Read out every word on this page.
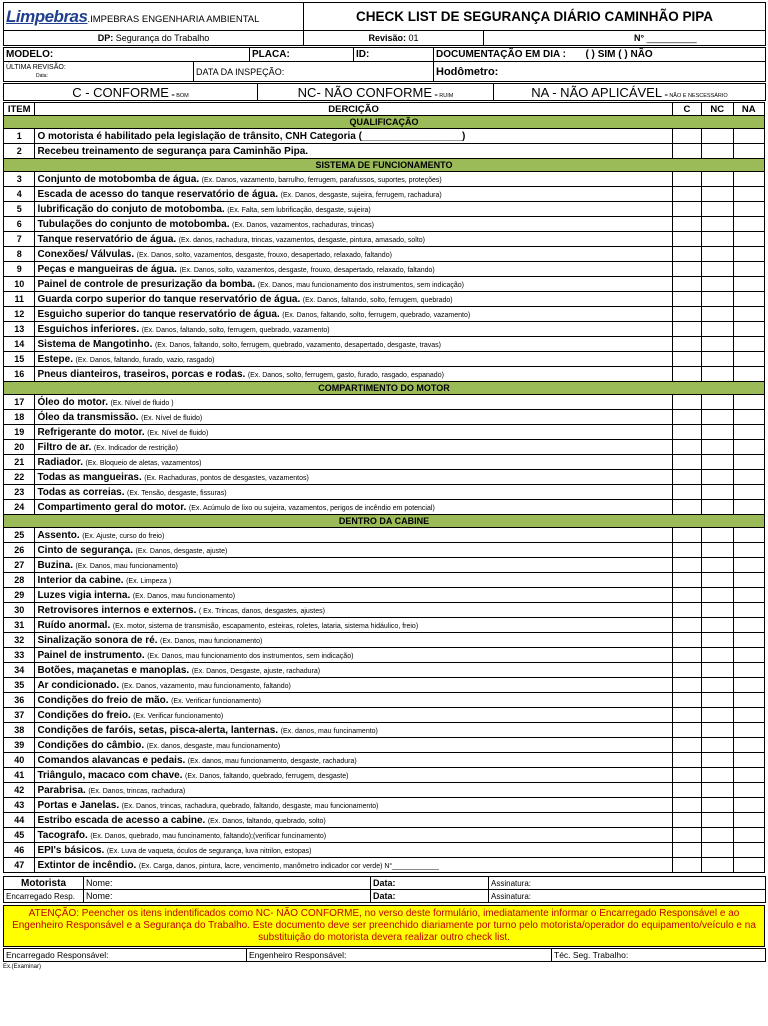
Limpebras.IMPEBRAS ENGENHARIA AMBIENTAL	CHECK LIST DE SEGURANÇA DIÁRIO CAMINHÃO PIPA	
DP: Segurança do Trabalho	Revisão: 01	N° __________
MODELO:		PLACA:	ID:	DOCUMENTAÇÃO EM DIA : ( ) SIM ( ) NÃO
ÚLTIMA REVISÃO:
Data:	DATA DA INSPEÇÃO:			Hodômetro:
C - CONFORME = BOM	NC- NÃO CONFORME = RUIM	NA - NÃO APLICÁVEL = NÃO E NESCESSÁRIO
ITEM	DERCIÇÃO	C	NC	NA
QUALIFICAÇÃO				
1	O motorista é habilitado pela legislação de trânsito, CNH Categoria (__________________)			
2	Recebeu treinamento de segurança para Caminhão Pipa.			
SISTEMA DE FUNCIONAMENTO				
3	Conjunto de motobomba de água. (Ex. Danos, vazamento, barrulho, ferrugem, parafussos, suportes, proteções)			
4	Escada de acesso do tanque reservatório de água. (Ex. Danos, desgaste, sujeira, ferrugem, rachadura)			
5	lubrificação do conjuto de motobomba. (Ex. Falta, sem lubrificação, desgaste, sujeira)			
6	Tubulações do conjunto de motobomba. (Ex. Danos, vazamentos, rachaduras, trincas)			
7	Tanque reservatório de água. (Ex. danos, rachadura, trincas, vazamentos, desgaste, pintura, amasado, solto)			
8	Conexões/ Válvulas. (Ex. Danos, solto, vazamentos, desgaste, frouxo, desapertado, relaxado, faltando)			
9	Peças e mangueiras de água. (Ex. Danos, solto, vazamentos, desgaste, frouxo, desapertado, relaxado, faltando)			
10	Painel de controle de presurização da bomba. (Ex. Danos, mau funcionamento dos instrumentos, sem indicação)			
11	Guarda corpo superior do tanque reservatório de água. (Ex. Danos, faltando, solto, ferrugem, quebrado)			
12	Esguicho superior do tanque reservatório de água. (Ex. Danos, faltando, solto, ferrugem, quebrado, vazamento)			
13	Esguichos inferiores. (Ex. Danos, faltando, solto, ferrugem, quebrado, vazamento)			
14	Sistema de Mangotinho. (Ex. Danos, faltando, solto, ferrugem, quebrado, vazamento, desapertado, desgaste, travas)			
15	Estepe. (Ex. Danos, faltando, furado, vazio, rasgado)			
16	Pneus dianteiros, traseiros, porcas e rodas. (Ex. Danos, solto, ferrugem, gasto, furado, rasgado, espanado)			
COMPARTIMENTO DO MOTOR				
17	Óleo do motor. (Ex. Nível de fluido )			
18	Óleo da transmissão. (Ex. Nível de fluido)			
19	Refrigerante do motor. (Ex. Nível de fluido)			
20	Filtro de ar. (Ex. Indicador de restrição)			
21	Radiador. (Ex. Bloqueio de aletas, vazamentos)			
22	Todas as mangueiras. (Ex. Rachaduras, pontos de desgastes, vazamentos)			
23	Todas as correias. (Ex. Tensão, desgaste, fissuras)			
24	Compartimento geral do motor. (Ex. Acúmulo de lixo ou sujeira, vazamentos, perigos de incêndio em potencial)			
DENTRO DA CABINE				
25	Assento. (Ex. Ajuste, curso do freio)			
26	Cinto de segurança. (Ex. Danos, desgaste, ajuste)			
27	Buzina. (Ex. Danos, mau funcionamento)			
28	Interior da cabine. (Ex. Limpeza )			
29	Luzes vigia interna. (Ex. Danos, mau funcionamento)			
30	Retrovisores internos e externos. ( Ex. Trincas, danos, desgastes, ajustes)			
31	Ruído anormal. (Ex. motor, sistema de transmisão, escapamento, esteiras, roletes, lataria, sistema hidáulico, freio)			
32	Sinalização sonora de ré. (Ex. Danos, mau funcionamento)			
33	Painel de instrumento. (Ex. Danos, mau funcionamento dos instrumentos, sem indicação)			
34	Botões, maçanetas e manoplas. (Ex. Danos, Desgaste, ajuste, rachadura)			
35	Ar condicionado. (Ex. Danos, vazamento, mau funcionamento, faltando)			
36	Condições do freio de mão. (Ex. Verificar funcionamento)			
37	Condições do freio. (Ex. Verificar funcionamento)			
38	Condições de faróis, setas, pisca-alerta, lanternas. (Ex. danos, mau funcinamento)			
39	Condições do câmbio. (Ex. danos, desgaste, mau funcionamento)			
40	Comandos alavancas e pedais. (Ex. danos, mau funcionamento, desgaste, rachadura)			
41	Triângulo, macaco com chave. (Ex. Danos, faltando, quebrado, ferrugem, desgaste)			
42	Parabrisa. (Ex. Danos, trincas, rachadura)			
43	Portas e Janelas. (Ex. Danos, trincas, rachadura, quebrado, faltando, desgaste, mau funcionamento)			
44	Estribo escada de acesso a cabine. (Ex. Danos, faltando, quebrado, solto)			
45	Tacografo. (Ex. Danos, quebrado, mau funcinamento, faltando);(verificar funcinamento)			
46	EPI's básicos. (Ex. Luva de vaqueta, óculos de segurança, luva nitrilon, estopas)			
47	Extintor de incêndio. (Ex. Carga, danos, pintura, lacre, vencimento, manômetro indicador cor verde) N°____________			
Motorista	Nome:	Data:	Assinatura:
Encarregado Resp.	Nome:	Data:	Assinatura:
ATENÇÃO: Peencher os itens indentificados como NC- NÃO CONFORME, no verso deste formulário, imediatamente informar o Encarregado Responsável e ao Engenheiro Responsável e a Segurança do Trabalho. Este documento deve ser preenchido diariamente por turno pelo motorista/operador do equipamento/veículo e na substituição do motorista devera realizar outro check list.
Encarregado Responsável:	Engenheiro Responsável:	Téc. Seg. Trabalho:
Ex.(Examinar)
